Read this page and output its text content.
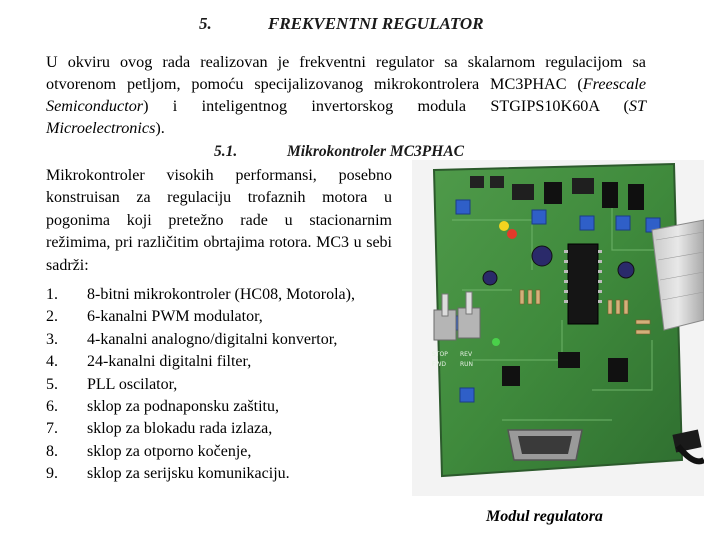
5.	FREKVENTNI REGULATOR

U okviru ovog rada realizovan je frekventni regulator sa skalarnom regulacijom sa otvorenom petljom, pomoću specijalizovanog mikrokontrolera MC3PHAC (Freescale Semiconductor) i inteligentnog invertorskog modula STGIPS10K60A (ST Microelectronics).

5.1.	Mikrokontroler MC3PHAC

Mikrokontroler visokih performansi, posebno konstruisan za regulaciju trofaznih motora u pogonima koji pretežno rade u stacionarnim režimima, pri različitim obrtajima rotora. MC3 u sebi sadrži:

1. 8-bitni mikrokontroler (HC08, Motorola),
2. 6-kanalni PWM modulator,
3. 4-kanalni analogno/digitalni konvertor,
4. 24-kanalni digitalni filter,
5. PLL oscilator,
6. sklop za podnaponsku zaštitu,
7. sklop za blokadu rada izlaza,
8. sklop za otporno kočenje,
9. sklop za serijsku komunikaciju.
STOP REV
FWD RUN
Modul regulatora
